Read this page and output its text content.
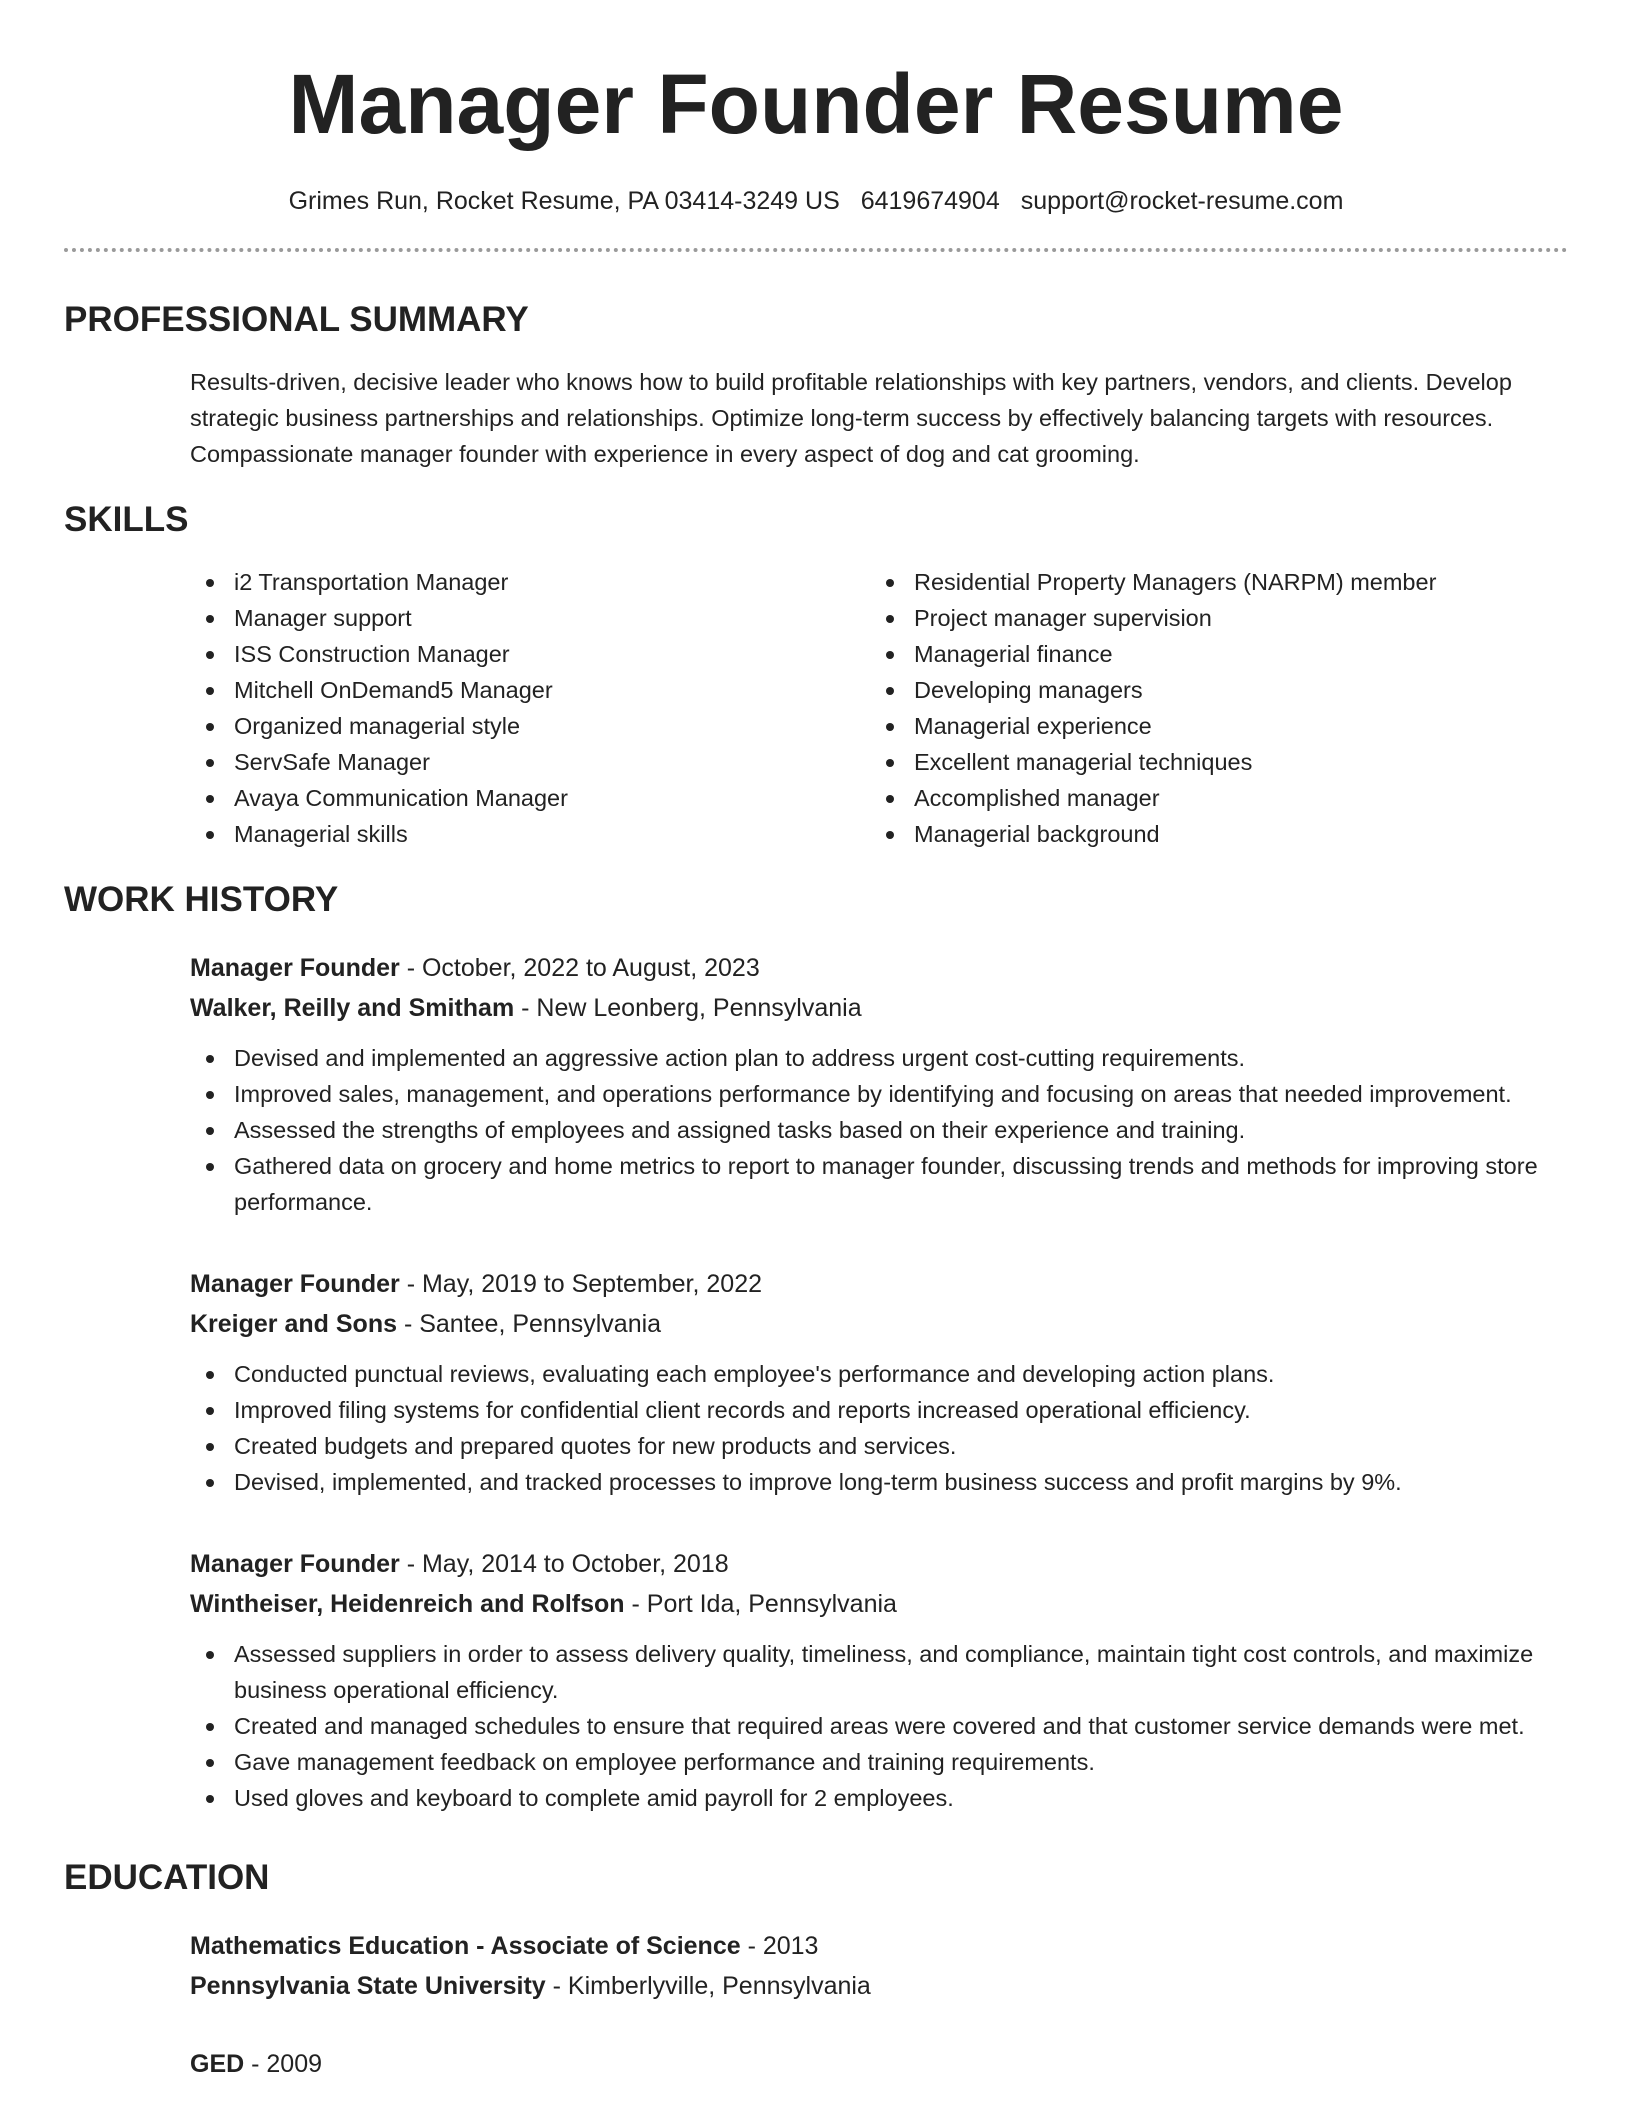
Manager Founder Resume
Grimes Run, Rocket Resume, PA 03414-3249 US 6419674904 support@rocket-resume.com
PROFESSIONAL SUMMARY
Results-driven, decisive leader who knows how to build profitable relationships with key partners, vendors, and clients. Develop strategic business partnerships and relationships. Optimize long-term success by effectively balancing targets with resources. Compassionate manager founder with experience in every aspect of dog and cat grooming.
SKILLS
i2 Transportation Manager
Manager support
ISS Construction Manager
Mitchell OnDemand5 Manager
Organized managerial style
ServSafe Manager
Avaya Communication Manager
Managerial skills
Residential Property Managers (NARPM) member
Project manager supervision
Managerial finance
Developing managers
Managerial experience
Excellent managerial techniques
Accomplished manager
Managerial background
WORK HISTORY
Manager Founder - October, 2022 to August, 2023
Walker, Reilly and Smitham - New Leonberg, Pennsylvania
Devised and implemented an aggressive action plan to address urgent cost-cutting requirements.
Improved sales, management, and operations performance by identifying and focusing on areas that needed improvement.
Assessed the strengths of employees and assigned tasks based on their experience and training.
Gathered data on grocery and home metrics to report to manager founder, discussing trends and methods for improving store performance.
Manager Founder - May, 2019 to September, 2022
Kreiger and Sons - Santee, Pennsylvania
Conducted punctual reviews, evaluating each employee's performance and developing action plans.
Improved filing systems for confidential client records and reports increased operational efficiency.
Created budgets and prepared quotes for new products and services.
Devised, implemented, and tracked processes to improve long-term business success and profit margins by 9%.
Manager Founder - May, 2014 to October, 2018
Wintheiser, Heidenreich and Rolfson - Port Ida, Pennsylvania
Assessed suppliers in order to assess delivery quality, timeliness, and compliance, maintain tight cost controls, and maximize business operational efficiency.
Created and managed schedules to ensure that required areas were covered and that customer service demands were met.
Gave management feedback on employee performance and training requirements.
Used gloves and keyboard to complete amid payroll for 2 employees.
EDUCATION
Mathematics Education - Associate of Science - 2013
Pennsylvania State University - Kimberlyville, Pennsylvania
GED - 2009
